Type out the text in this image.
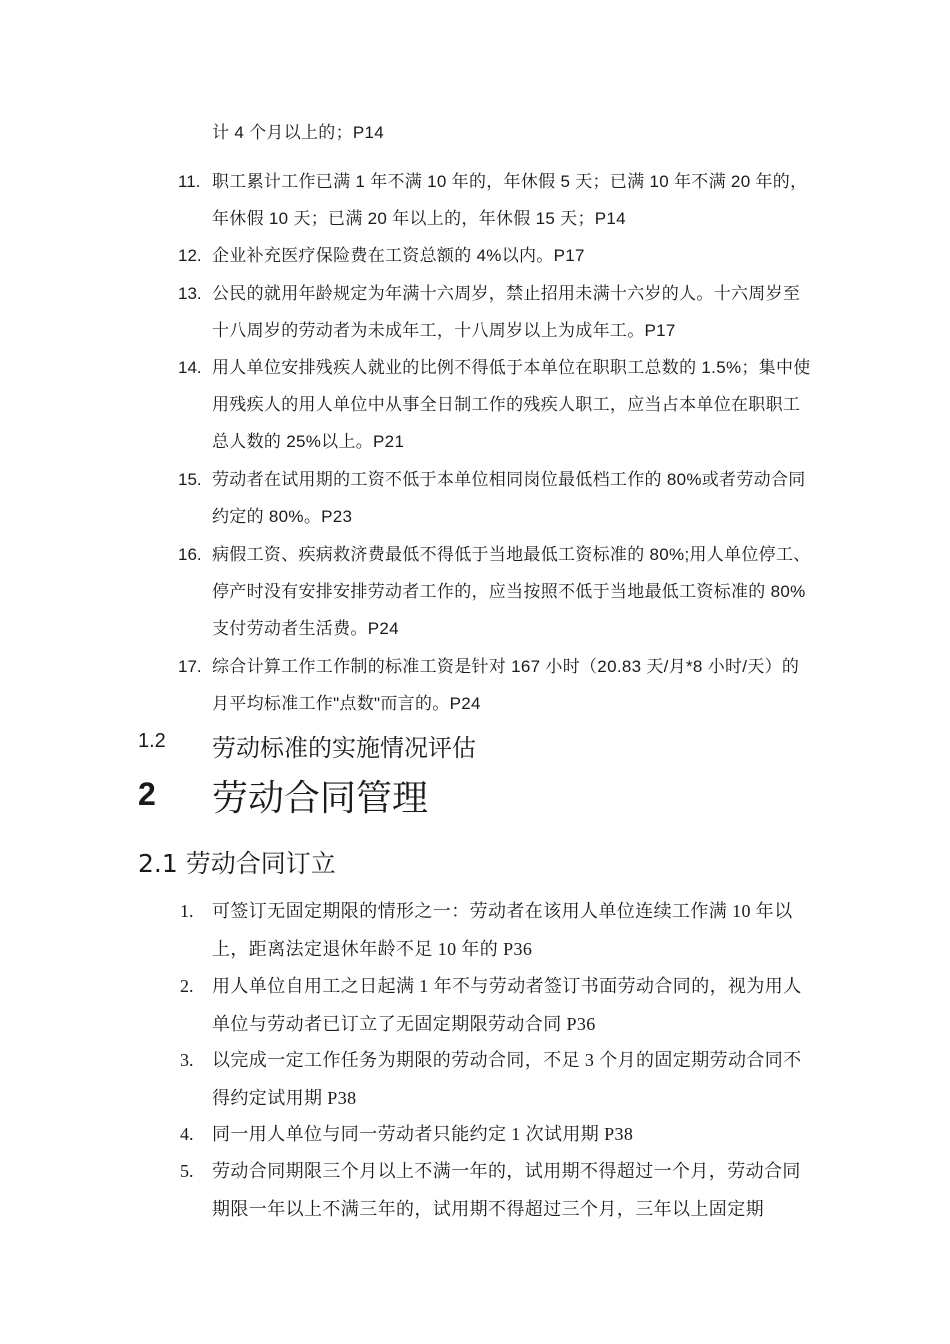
计 4 个月以上的；P14

11. 职工累计工作已满 1 年不满 10 年的，年休假 5 天；已满 10 年不满 20 年的，年休假 10 天；已满 20 年以上的，年休假 15 天；P14

12. 企业补充医疗保险费在工资总额的 4%以内。P17

13. 公民的就用年龄规定为年满十六周岁，禁止招用未满十六岁的人。十六周岁至十八周岁的劳动者为未成年工，十八周岁以上为成年工。P17

14. 用人单位安排残疾人就业的比例不得低于本单位在职职工总数的 1.5%；集中使用残疾人的用人单位中从事全日制工作的残疾人职工，应当占本单位在职职工总人数的 25%以上。P21

15. 劳动者在试用期的工资不低于本单位相同岗位最低档工作的 80%或者劳动合同约定的 80%。P23

16. 病假工资、疾病救济费最低不得低于当地最低工资标准的 80%;用人单位停工、停产时没有安排安排劳动者工作的，应当按照不低于当地最低工资标准的 80%支付劳动者生活费。P24

17. 综合计算工作工作制的标准工资是针对 167 小时（20.83 天/月*8 小时/天）的月平均标准工作"点数"而言的。P24

1.2 劳动标准的实施情况评估
2 劳动合同管理
2.1 劳动合同订立
1.	可签订无固定期限的情形之一：劳动者在该用人单位连续工作满 10 年以上，距离法定退休年龄不足 10 年的 P36

2.	用人单位自用工之日起满 1 年不与劳动者签订书面劳动合同的，视为用人单位与劳动者已订立了无固定期限劳动合同 P36

3.	以完成一定工作任务为期限的劳动合同，不足 3 个月的固定期劳动合同不得约定试用期 P38

4.	同一用人单位与同一劳动者只能约定 1 次试用期 P38

5.	劳动合同期限三个月以上不满一年的，试用期不得超过一个月，劳动合同期限一年以上不满三年的，试用期不得超过三个月，三年以上固定期
